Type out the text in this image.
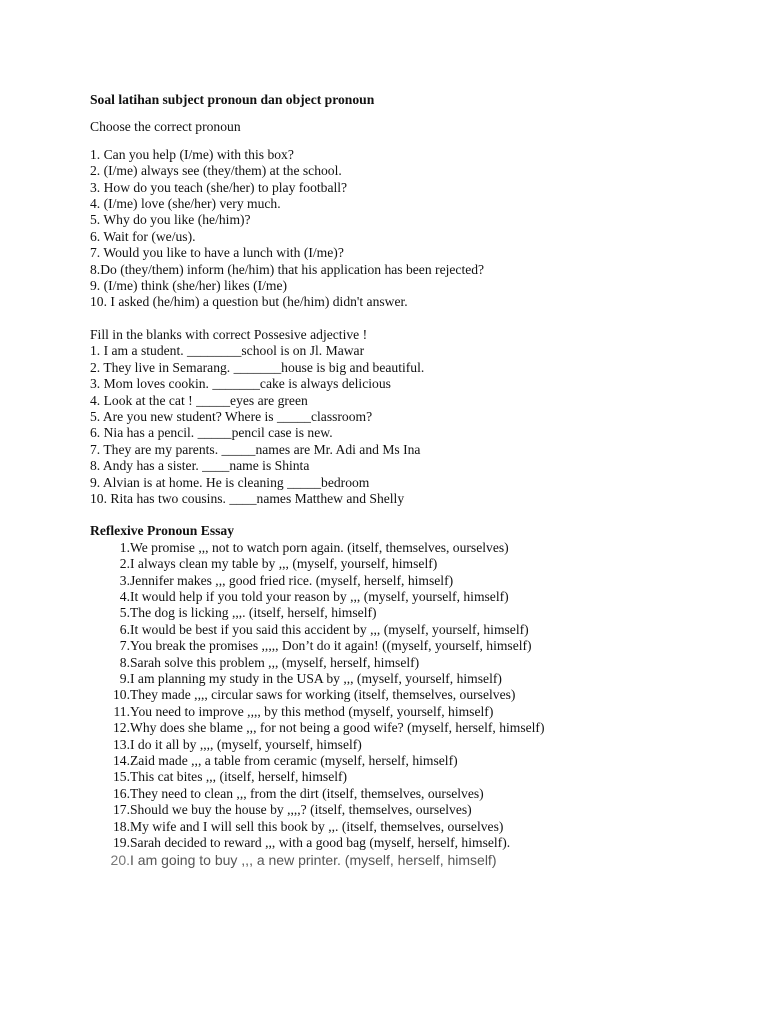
Soal latihan subject pronoun dan object pronoun
Choose the correct pronoun
1. Can you help (I/me) with this box?
2. (I/me) always see (they/them) at the school.
3. How do you teach (she/her) to play football?
4. (I/me) love (she/her) very much.
5. Why do you like (he/him)?
6. Wait for (we/us).
7. Would you like to have a lunch with (I/me)?
8.Do (they/them) inform (he/him) that his application has been rejected?
9. (I/me) think (she/her) likes (I/me)
10. I asked (he/him) a question but (he/him) didn't answer.
Fill in the blanks with correct Possesive adjective !
1. I am a student. ________school is on Jl. Mawar
2. They live in Semarang. _______house is big and beautiful.
3. Mom loves cookin. _______cake is always delicious
4. Look at the cat ! _____eyes are green
5. Are you new student? Where is _____classroom?
6. Nia has a pencil. _____pencil case is new.
7. They are my parents. _____names are Mr. Adi and Ms Ina
8. Andy has a sister. ____name is Shinta
9. Alvian is at home. He is cleaning _____bedroom
10. Rita has two cousins. ____names Matthew and Shelly
Reflexive Pronoun Essay
1. We promise ,,, not to watch porn again. (itself, themselves, ourselves)
2. I always clean my table by ,,, (myself, yourself, himself)
3. Jennifer makes ,,, good fried rice. (myself, herself, himself)
4. It would help if you told your reason by ,,, (myself, yourself, himself)
5. The dog is licking ,,,. (itself, herself, himself)
6. It would be best if you said this accident by ,,, (myself, yourself, himself)
7. You break the promises ,,,,, Don’t do it again! ((myself, yourself, himself)
8. Sarah solve this problem ,,, (myself, herself, himself)
9. I am planning my study in the USA by ,,, (myself, yourself, himself)
10. They made ,,,, circular saws for working (itself, themselves, ourselves)
11. You need to improve ,,,, by this method (myself, yourself, himself)
12. Why does she blame ,,, for not being a good wife? (myself, herself, himself)
13. I do it all by ,,,, (myself, yourself, himself)
14. Zaid made ,,, a table from ceramic (myself, herself, himself)
15. This cat bites ,,, (itself, herself, himself)
16. They need to clean ,,, from the dirt (itself, themselves, ourselves)
17. Should we buy the house by ,,,,? (itself, themselves, ourselves)
18. My wife and I will sell this book by ,,. (itself, themselves, ourselves)
19. Sarah decided to reward ,,, with a good bag (myself, herself, himself).
20. I am going to buy ,,, a new printer. (myself, herself, himself)
